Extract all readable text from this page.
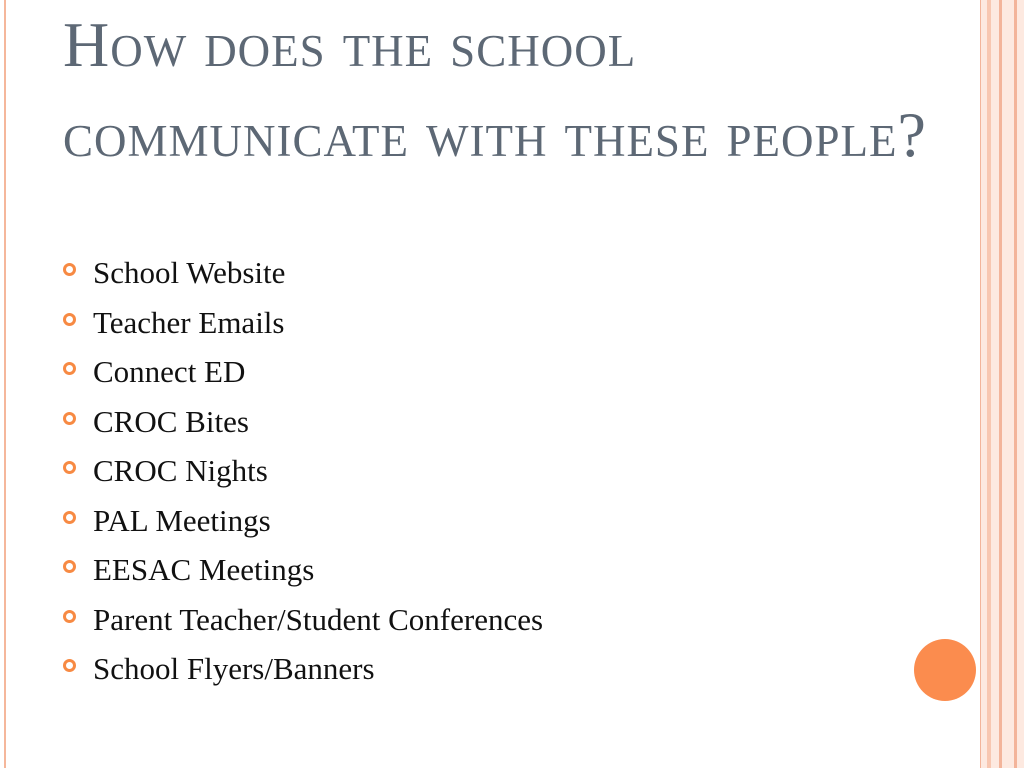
How does the school communicate with these people?
School Website
Teacher Emails
Connect ED
CROC Bites
CROC Nights
PAL Meetings
EESAC Meetings
Parent Teacher/Student Conferences
School Flyers/Banners
